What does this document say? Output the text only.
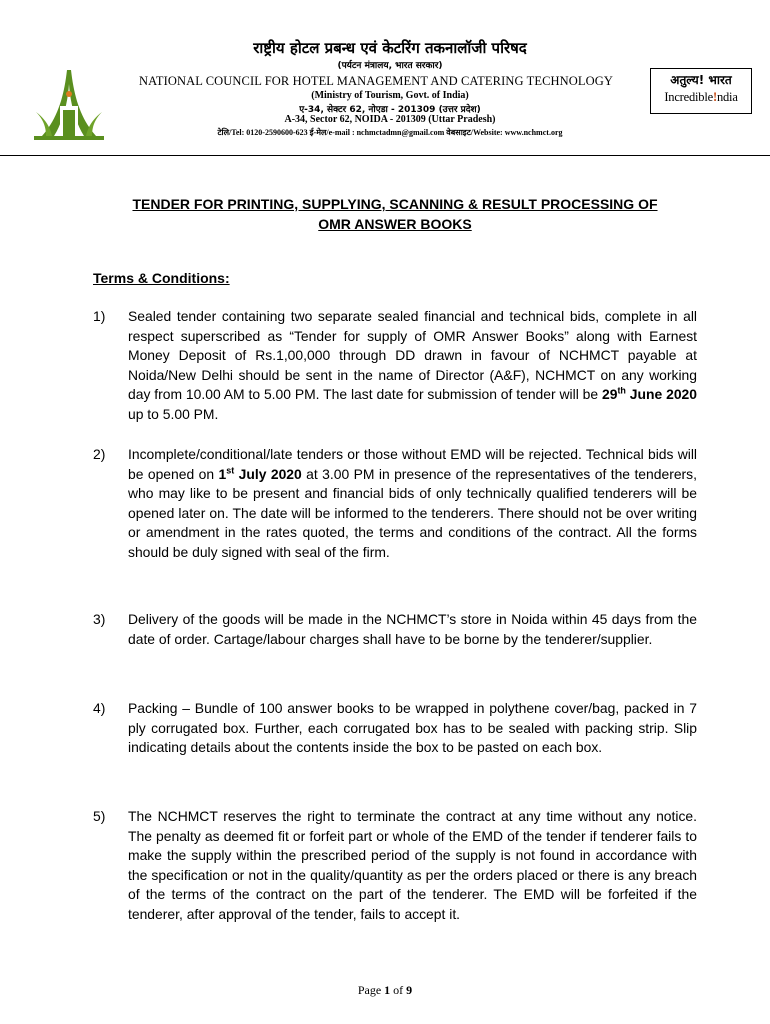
राष्ट्रीय होटल प्रबन्ध एवं केटरिंग तकनालॉजी परिषद
(पर्यटन मंत्रालय, भारत सरकार)
NATIONAL COUNCIL FOR HOTEL MANAGEMENT AND CATERING TECHNOLOGY
(Ministry of Tourism, Govt. of India)
ए-34, सेक्टर 62, नोएडा - 201309 (उत्तर प्रदेश)
A-34, Sector 62, NOIDA - 201309 (Uttar Pradesh)
टेलि/Tel: 0120-2590600-623 ई-मेल/e-mail : nchmctadmn@gmail.com वेबसाइट/Website: www.nchmct.org
अतुल्य! भारत
Incredible!ndia
TENDER FOR PRINTING, SUPPLYING, SCANNING & RESULT PROCESSING OF
OMR ANSWER BOOKS
Terms & Conditions:
1) Sealed tender containing two separate sealed financial and technical bids, complete in all respect superscribed as “Tender for supply of OMR Answer Books” along with Earnest Money Deposit of Rs.1,00,000 through DD drawn in favour of NCHMCT payable at Noida/New Delhi should be sent in the name of Director (A&F), NCHMCT on any working day from 10.00 AM to 5.00 PM. The last date for submission of tender will be 29th June 2020 up to 5.00 PM.
2) Incomplete/conditional/late tenders or those without EMD will be rejected. Technical bids will be opened on 1st July 2020 at 3.00 PM in presence of the representatives of the tenderers, who may like to be present and financial bids of only technically qualified tenderers will be opened later on. The date will be informed to the tenderers. There should not be over writing or amendment in the rates quoted, the terms and conditions of the contract. All the forms should be duly signed with seal of the firm.
3) Delivery of the goods will be made in the NCHMCT’s store in Noida within 45 days from the date of order. Cartage/labour charges shall have to be borne by the tenderer/supplier.
4) Packing – Bundle of 100 answer books to be wrapped in polythene cover/bag, packed in 7 ply corrugated box. Further, each corrugated box has to be sealed with packing strip. Slip indicating details about the contents inside the box to be pasted on each box.
5) The NCHMCT reserves the right to terminate the contract at any time without any notice. The penalty as deemed fit or forfeit part or whole of the EMD of the tender if tenderer fails to make the supply within the prescribed period of the supply is not found in accordance with the specification or not in the quality/quantity as per the orders placed or there is any breach of the terms of the contract on the part of the tenderer. The EMD will be forfeited if the tenderer, after approval of the tender, fails to accept it.
Page 1 of 9
